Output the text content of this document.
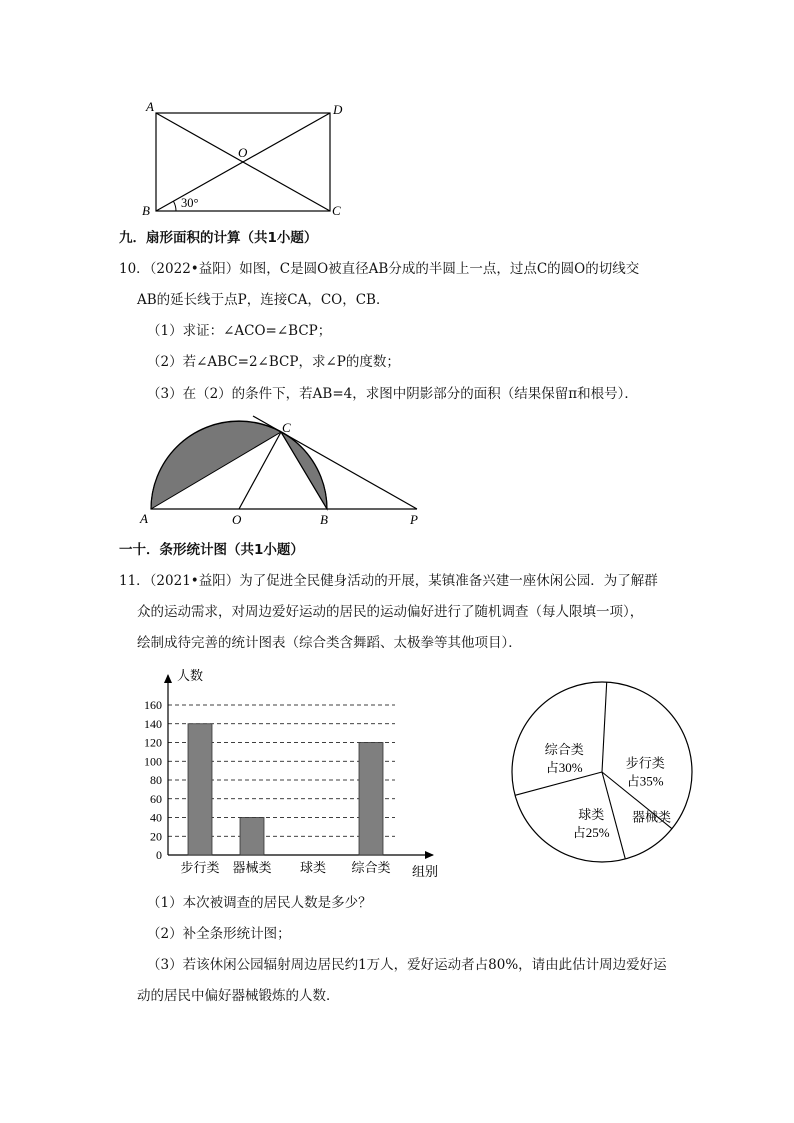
A	D
B	C
O
30°
九．扇形面积的计算（共1小题）
10．（2022•益阳）如图，C是圆O被直径AB分成的半圆上一点，过点C的圆O的切线交
AB的延长线于点P，连接CA，CO，CB．
（1）求证：∠ACO=∠BCP；
（2）若∠ABC=2∠BCP，求∠P的度数；
（3）在（2）的条件下，若AB=4，求图中阴影部分的面积（结果保留π和根号）．
A	O	B	P
C
一十．条形统计图（共1小题）
11．（2021•益阳）为了促进全民健身活动的开展，某镇准备兴建一座休闲公园．为了解群
众的运动需求，对周边爱好运动的居民的运动偏好进行了随机调查（每人限填一项），
绘制成待完善的统计图表（综合类含舞蹈、太极拳等其他项目）．
0
20
40
60
80
100
120
140
160
人数
组别
步行类 器械类 球类 综合类
步行类
占35%
器械类
球类
占25%
综合类
占30%
（1）本次被调查的居民人数是多少？
（2）补全条形统计图；
（3）若该休闲公园辐射周边居民约1万人，爱好运动者占80%，请由此估计周边爱好运
动的居民中偏好器械锻炼的人数．
